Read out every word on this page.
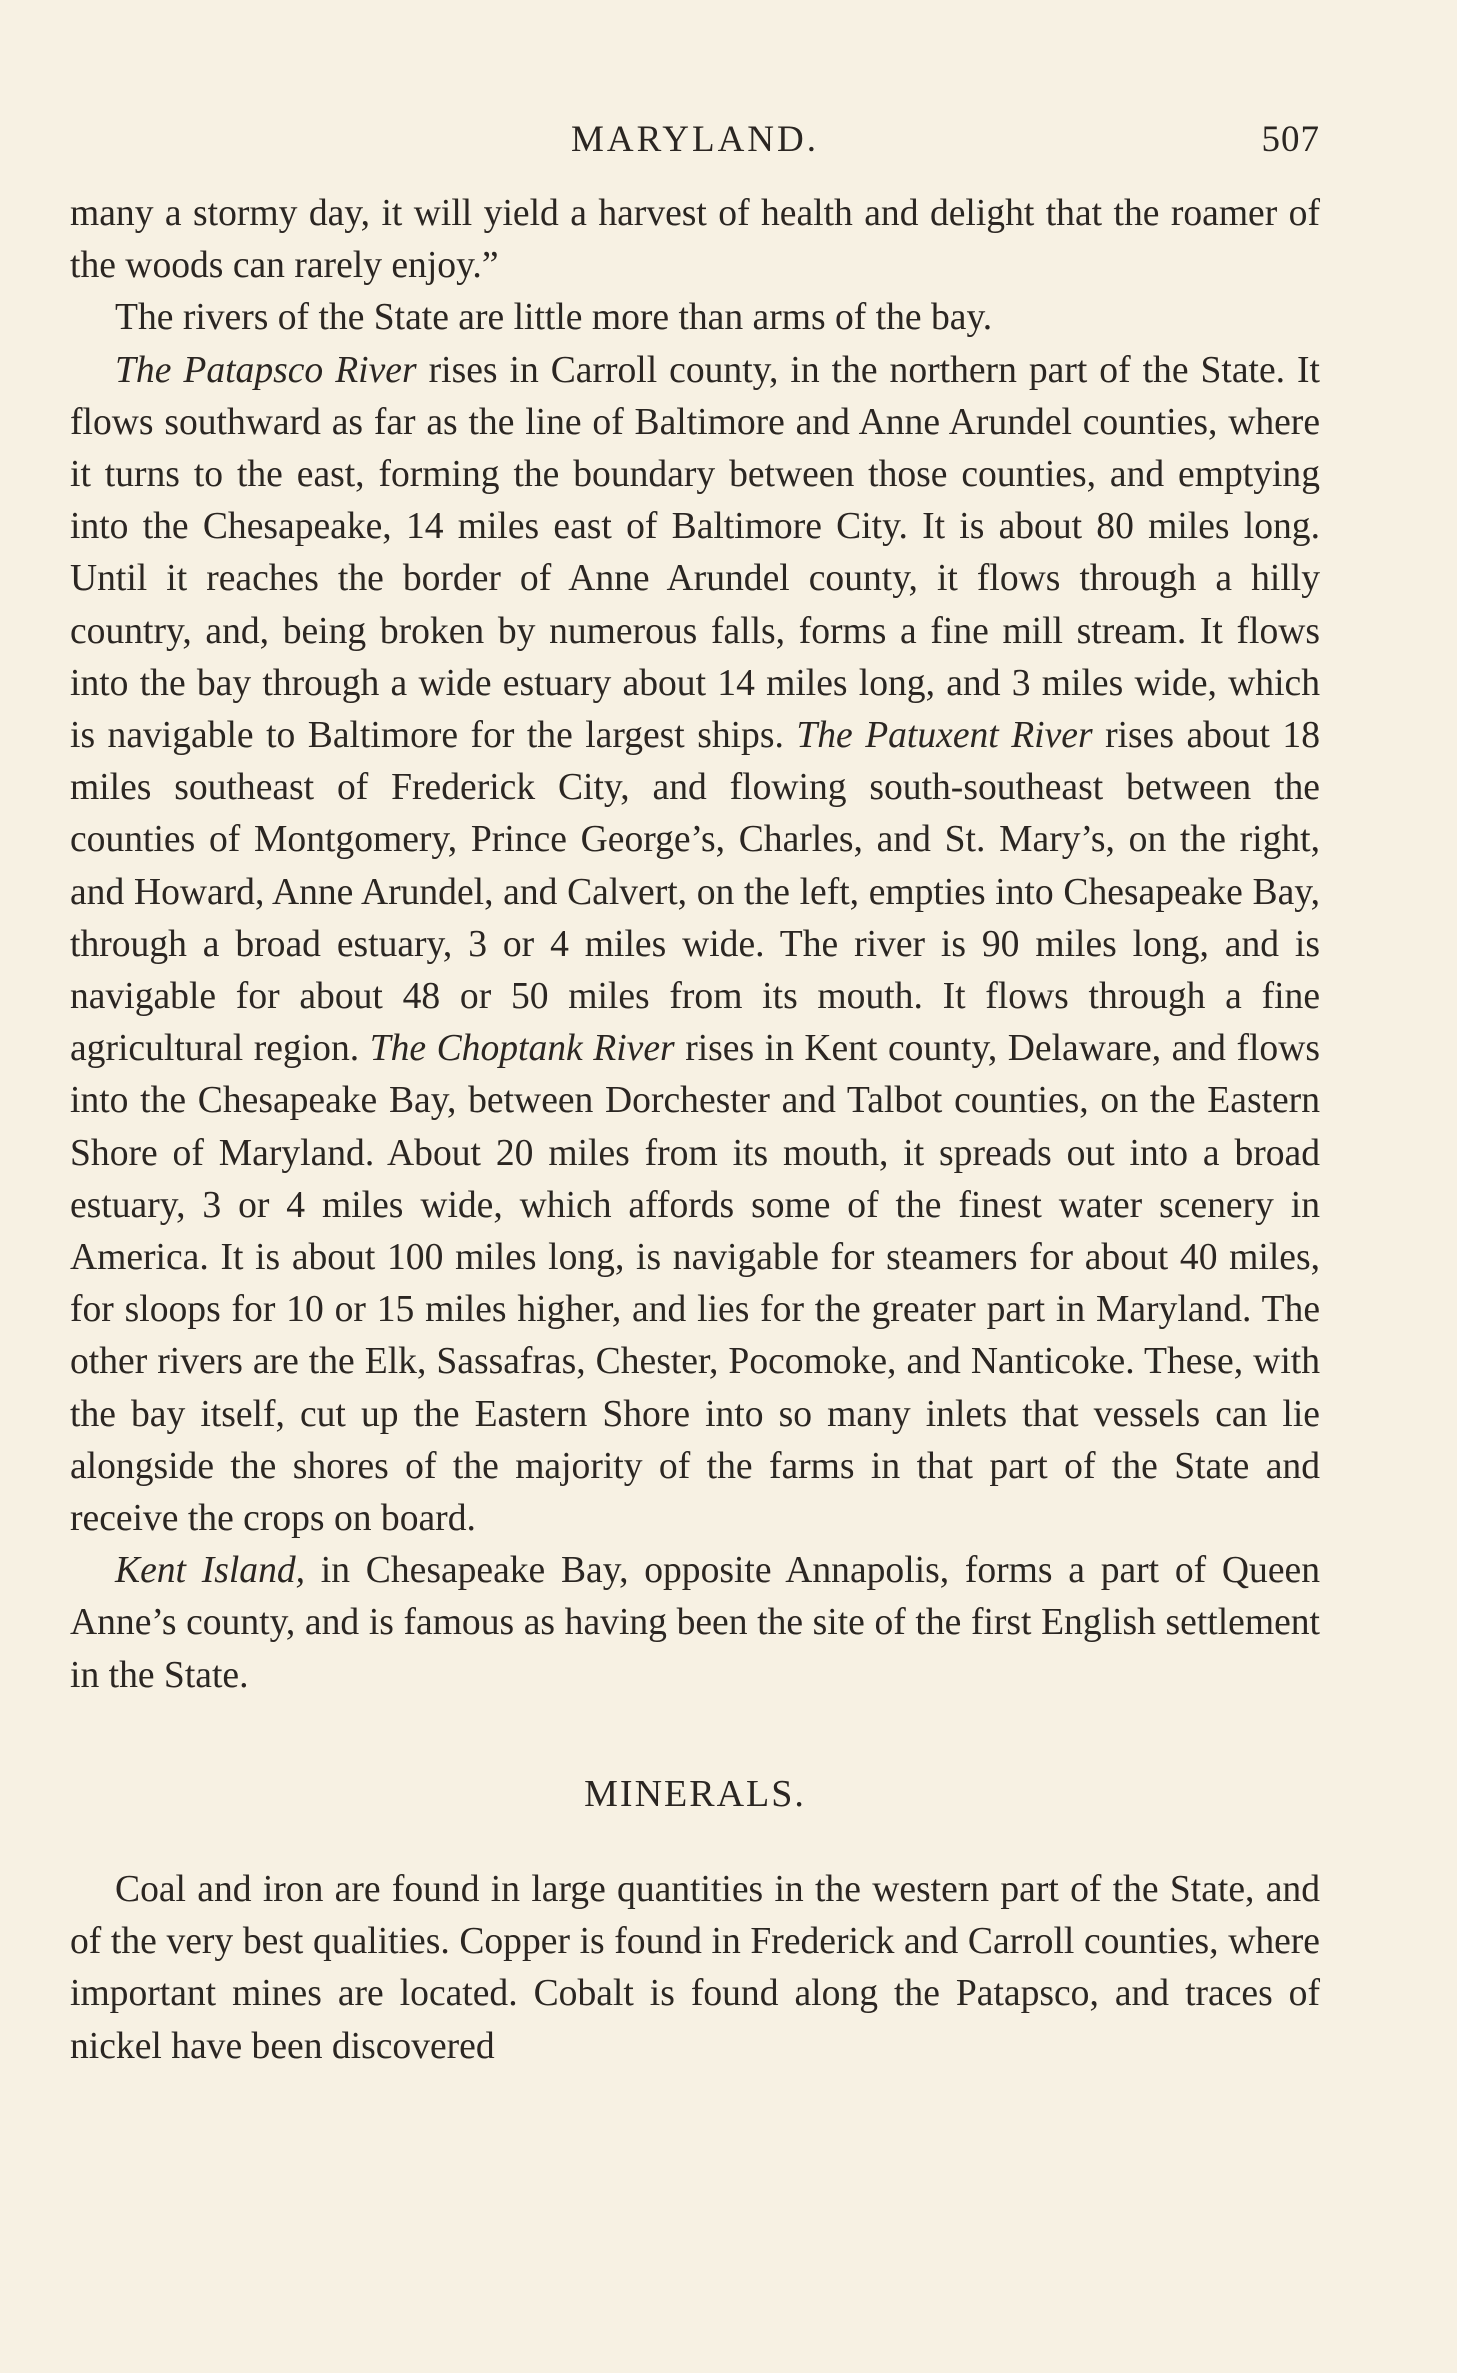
MARYLAND.	507

many a stormy day, it will yield a harvest of health and delight that the roamer of the woods can rarely enjoy.”

The rivers of the State are little more than arms of the bay.

The Patapsco River rises in Carroll county, in the northern part of the State. It flows southward as far as the line of Baltimore and Anne Arundel counties, where it turns to the east, forming the boundary between those counties, and emptying into the Chesapeake, 14 miles east of Baltimore City. It is about 80 miles long. Until it reaches the border of Anne Arundel county, it flows through a hilly country, and, being broken by numerous falls, forms a fine mill stream. It flows into the bay through a wide estuary about 14 miles long, and 3 miles wide, which is navigable to Baltimore for the largest ships. The Patuxent River rises about 18 miles southeast of Frederick City, and flowing south-southeast between the counties of Montgomery, Prince George’s, Charles, and St. Mary’s, on the right, and Howard, Anne Arundel, and Calvert, on the left, empties into Chesapeake Bay, through a broad estuary, 3 or 4 miles wide. The river is 90 miles long, and is navigable for about 48 or 50 miles from its mouth. It flows through a fine agricultural region. The Choptank River rises in Kent county, Delaware, and flows into the Chesapeake Bay, between Dorchester and Talbot counties, on the Eastern Shore of Maryland. About 20 miles from its mouth, it spreads out into a broad estuary, 3 or 4 miles wide, which affords some of the finest water scenery in America. It is about 100 miles long, is navigable for steamers for about 40 miles, for sloops for 10 or 15 miles higher, and lies for the greater part in Maryland. The other rivers are the Elk, Sassafras, Chester, Pocomoke, and Nanticoke. These, with the bay itself, cut up the Eastern Shore into so many inlets that vessels can lie alongside the shores of the majority of the farms in that part of the State and receive the crops on board.

Kent Island, in Chesapeake Bay, opposite Annapolis, forms a part of Queen Anne’s county, and is famous as having been the site of the first English settlement in the State.

MINERALS.

Coal and iron are found in large quantities in the western part of the State, and of the very best qualities. Copper is found in Frederick and Carroll counties, where important mines are located. Cobalt is found along the Patapsco, and traces of nickel have been discovered
